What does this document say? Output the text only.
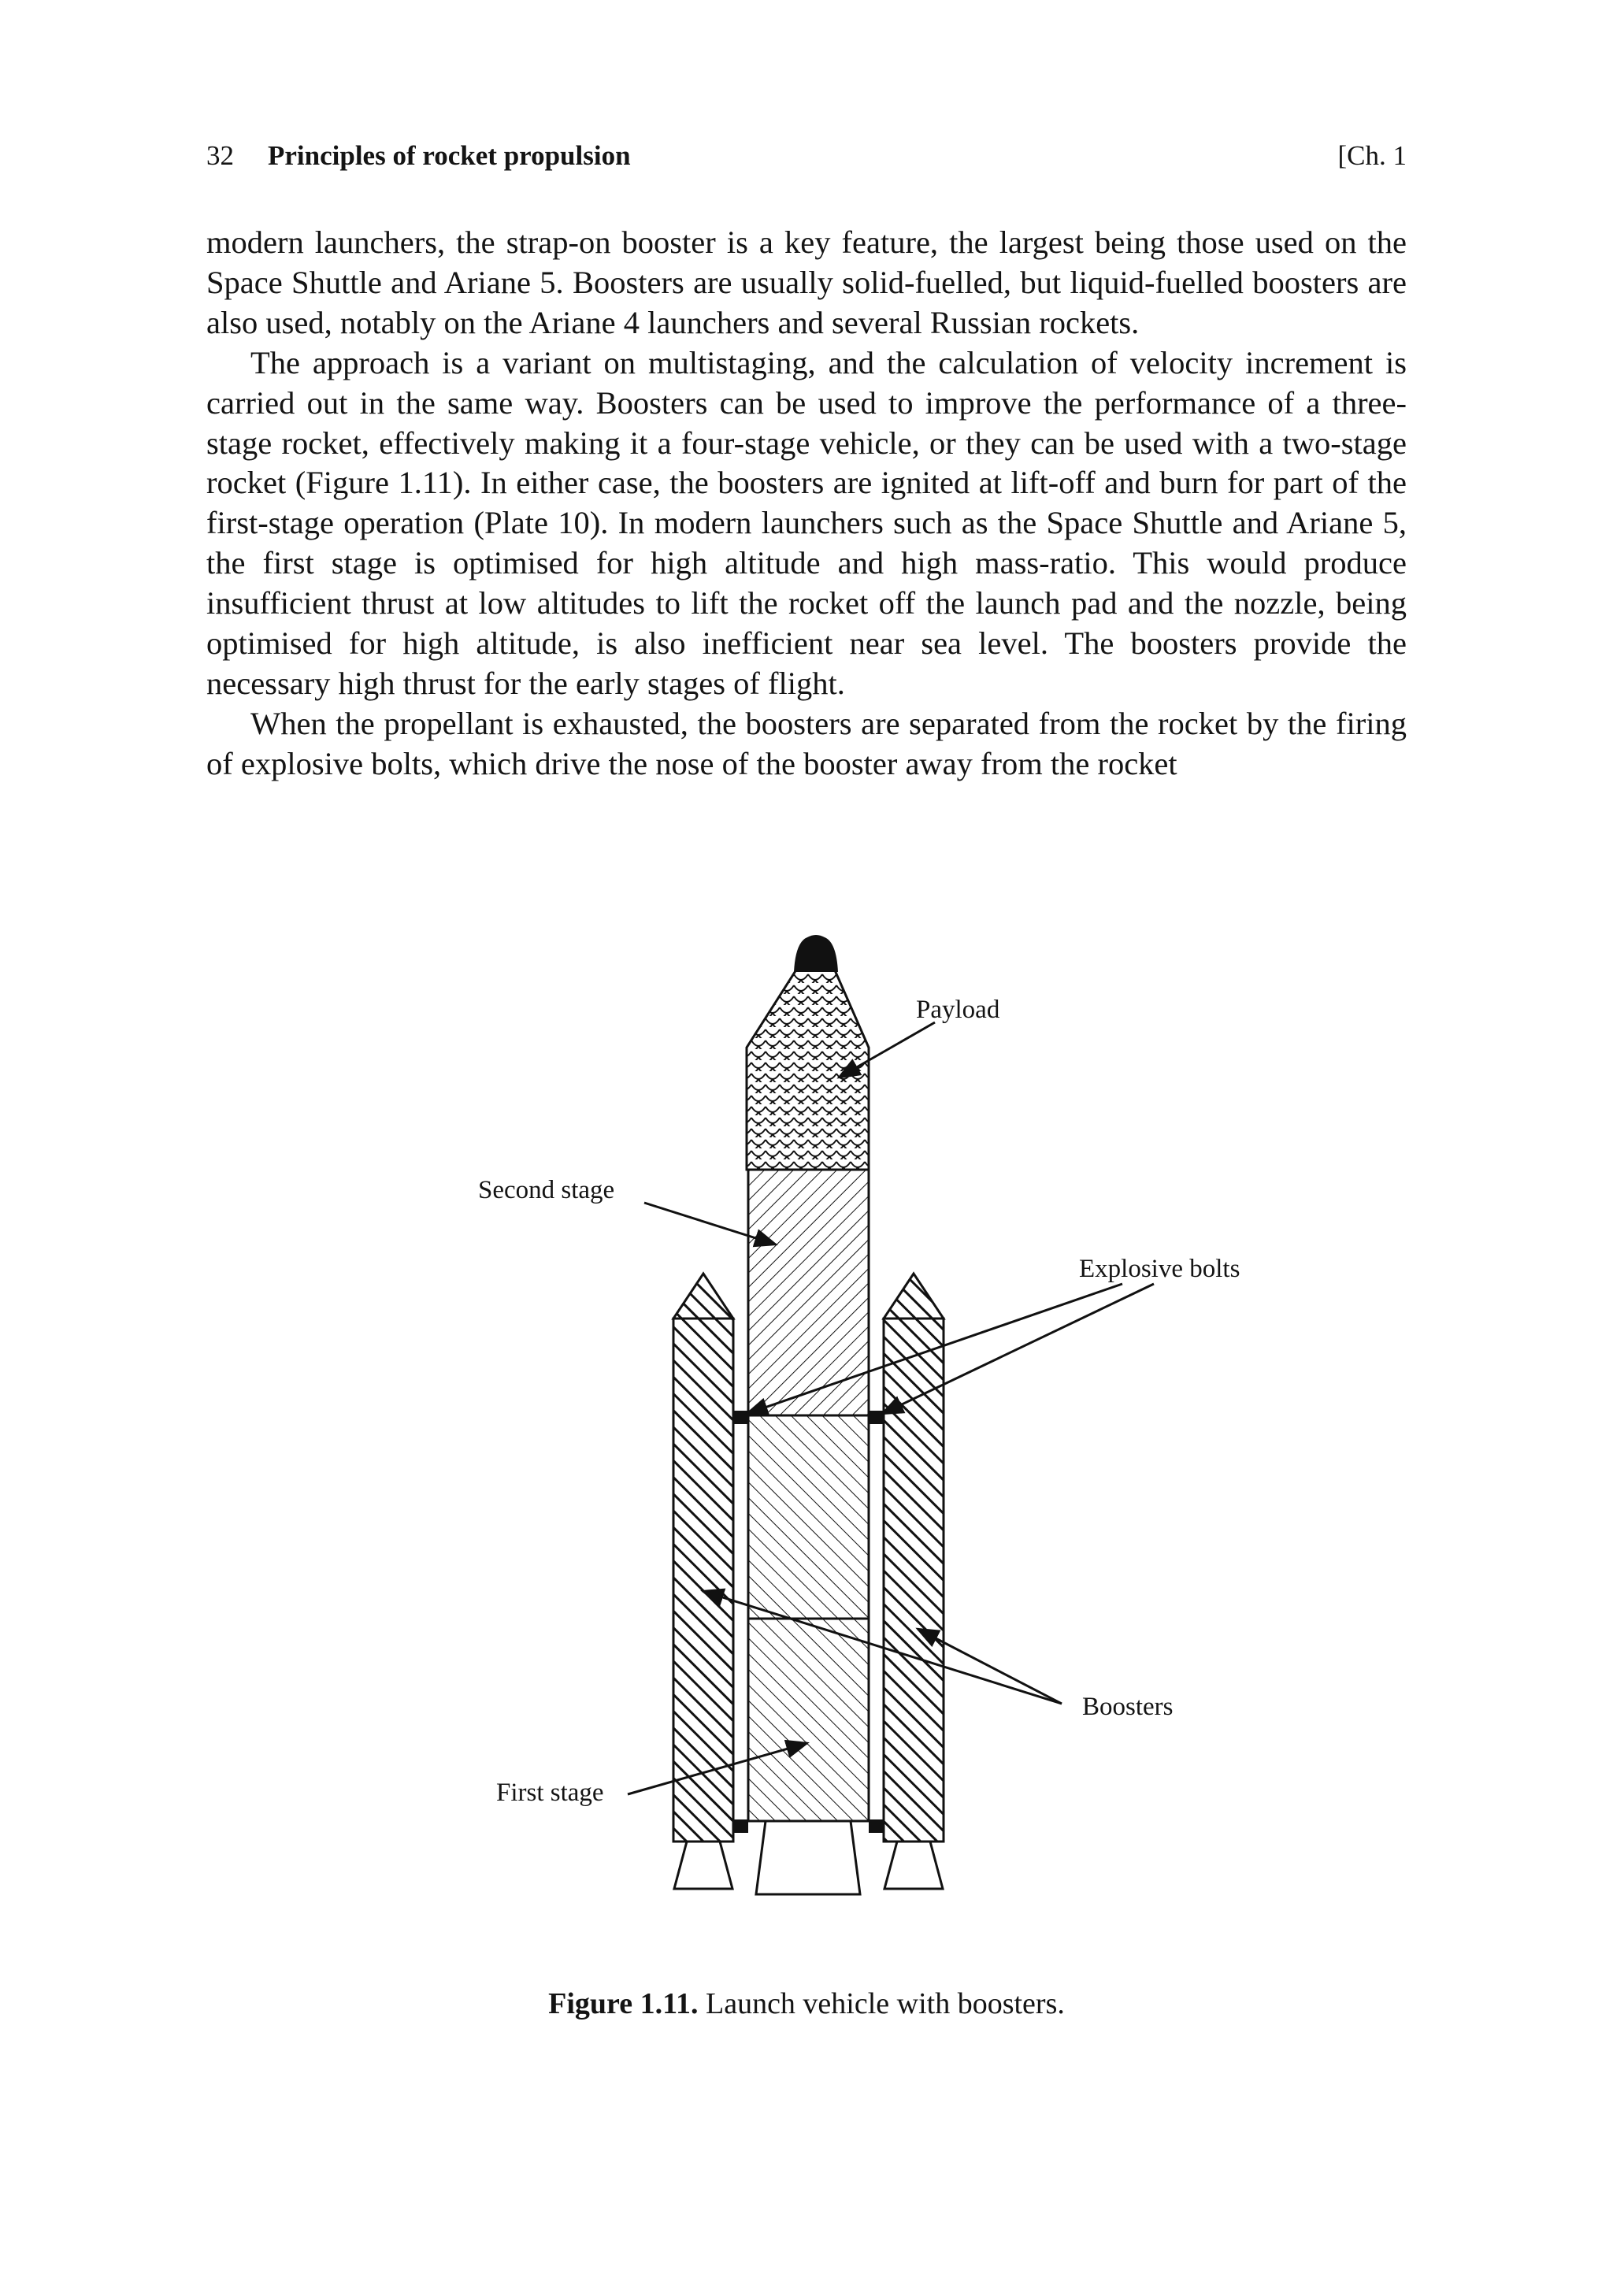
32 Principles of rocket propulsion	[Ch. 1

modern launchers, the strap-on booster is a key feature, the largest being those used on the Space Shuttle and Ariane 5. Boosters are usually solid-fuelled, but liquid-fuelled boosters are also used, notably on the Ariane 4 launchers and several Russian rockets.

The approach is a variant on multistaging, and the calculation of velocity increment is carried out in the same way. Boosters can be used to improve the performance of a three-stage rocket, effectively making it a four-stage vehicle, or they can be used with a two-stage rocket (Figure 1.11). In either case, the boosters are ignited at lift-off and burn for part of the first-stage operation (Plate 10). In modern launchers such as the Space Shuttle and Ariane 5, the first stage is optimised for high altitude and high mass-ratio. This would produce insufficient thrust at low altitudes to lift the rocket off the launch pad and the nozzle, being optimised for high altitude, is also inefficient near sea level. The boosters provide the necessary high thrust for the early stages of flight.

When the propellant is exhausted, the boosters are separated from the rocket by the firing of explosive bolts, which drive the nose of the booster away from the rocket

Payload
Second stage
Explosive bolts
Boosters
First stage
Figure 1.11. Launch vehicle with boosters.
